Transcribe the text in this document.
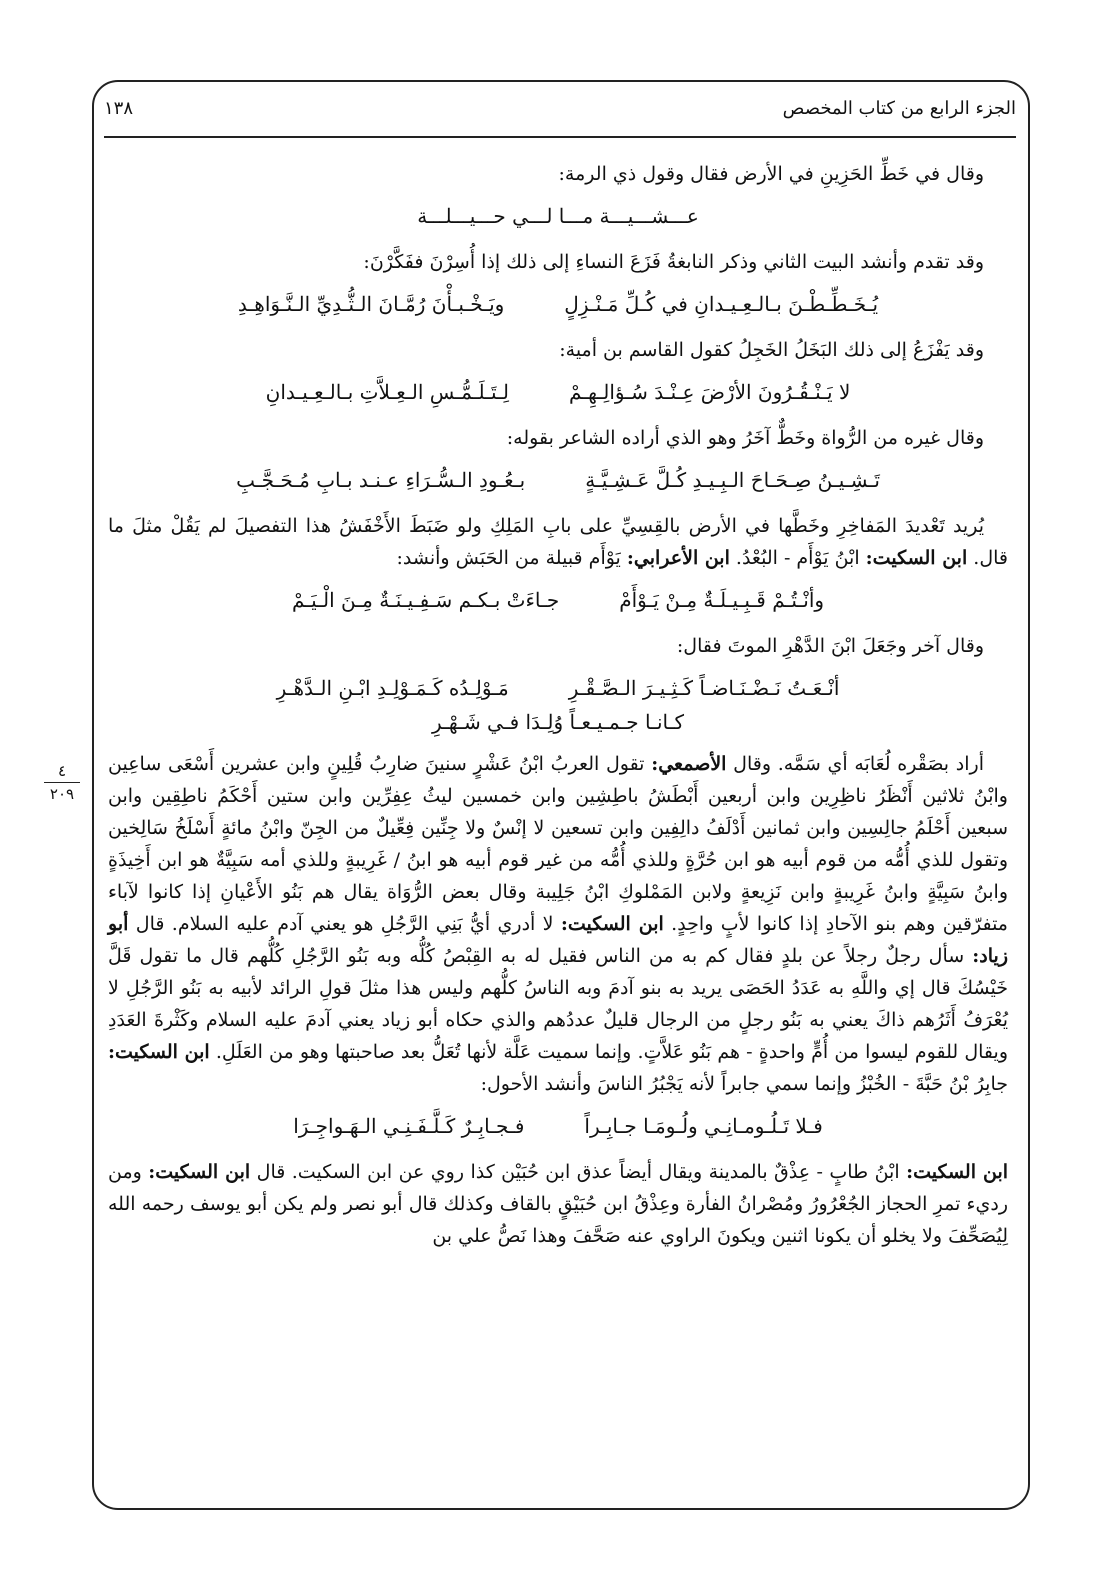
الجزء الرابع من كتاب المخصص
١٣٨
٤
٢٠٩

وقال في خَطِّ الحَزِينِ في الأرض فقال وقول ذي الرمة:

عـــشـــيـــة مـــا لـــي حـــيـــلـــة

وقد تقدم وأنشد البيت الثاني وذكر النابغةُ فَزَعَ النساءِ إلى ذلك إذا أُسِرْنَ ففَكَّرْنَ:

يُـخَـطِّـطْـنَ بـالـعِـيـدانِ في كُـلِّ مَـنْـزِلٍ
ويَـخْـبـأْنَ رُمَّـانَ الـثُّـدِيِّ الـنَّـوَاهِـدِ

وقد يَفْزَعُ إلى ذلك البَخَلُ الخَجِلُ كقول القاسم بن أمية:

لا يَـنْـقُـرُونَ الأرْضَ عِـنْـدَ سُـؤالِـهِـمْ
لِـتَـلَـمُّـسِ الـعِـلاَّتِ بـالـعِـيـدانِ

وقال غيره من الرُّواة وخَطٌّ آخَرُ وهو الذي أراده الشاعر بقوله:

تَـشِـيـنُ صِـحَـاحَ الـبِـيـدِ كُـلَّ عَـشِـيَّـةٍ
بـعُـودِ الـسُّـرَاءِ عـنـد بـابِ مُـحَـجَّـبِ

يُريد تَعْديدَ المَفاخِرِ وخَطَّها في الأرض بالقِسِيِّ على بابِ المَلِكِ ولو ضَبَطَ الأَخْفَشُ هذا التفصيلَ لم يَقُلْ مثلَ ما قال. ابن السكيت: ابْنُ يَوْأَم - البُعْدُ. ابن الأعرابي: يَوْأَم قبيلة من الحَبَش وأنشد:

وأنْـتُـمْ قَـبِـيـلَـةٌ مِـنْ يَـوْأَمْ
جـاءَتْ بـكـم سَـفِـيـنَـةٌ مِـنَ الْـيَـمْ

وقال آخر وجَعَلَ ابْنَ الدَّهْرِ الموتَ فقال:

أنْـعَـتُ نَـضْـنَـاضـاً كَـثِـيـرَ الـصَّـقْـرِ
مَـوْلِـدُه كَـمَـوْلِـدِ ابْـنِ الـدَّهْـرِ
كـانـا جـمـيـعـاً وُلِـدَا فـي شَـهْـرِ

أراد بصَقْره لُعَابَه أي سَمَّه. وقال الأصمعي: تقول العربُ ابْنُ عَشْرٍ سنينَ ضارِبُ قُلِينٍ وابن عشرين أَسْعَى ساعِين وابْنُ ثلاثين أَنْظَرُ ناظِرِين وابن أربعين أَبْطَشُ باطِشِين وابن خمسين ليثُ عِفِرِّين وابن ستين أَحْكَمُ ناطِقِين وابن سبعين أَحْلَمُ جالِسِين وابن ثمانين أَدْلَفُ دالِفِين وابن تسعين لا إنْسٌ ولا جِنِّين فِعِّيلٌ من الجِنّ وابْنُ مائةٍ أَسْلَخُ سَالِخين وتقول للذي أُمُّه من قوم أبيه هو ابن حُرَّةٍ وللذي أُمُّه من غير قوم أبيه هو ابنُ / غَرِيبةٍ وللذي أمه سَبِيَّةٌ هو ابن أَخِيذَةٍ وابنُ سَبِيَّةٍ وابنُ غَرِيبةٍ وابن نَزِيعةٍ ولابن المَمْلوكِ ابْنُ جَلِيبة وقال بعض الرُّوَاة يقال هم بَنُو الأَعْيانِ إذا كانوا لآباء متفرّقين وهم بنو الآحادِ إذا كانوا لأبٍ واحِدٍ. ابن السكيت: لا أدري أيُّ بَنِي الرَّجُلِ هو يعني آدم عليه السلام. قال أبو زياد: سأل رجلٌ رجلاً عن بلدٍ فقال كم به من الناس فقيل له به القِبْصُ كُلُّه وبه بَنُو الرَّجُلِ كُلُّهم قال ما تقول قَلَّ خَيْسُكَ قال إي واللَّهِ به عَدَدُ الحَصَى يريد به بنو آدمَ وبه الناسُ كلُّهم وليس هذا مثلَ قولِ الرائد لأبيه به بَنُو الرَّجُلِ لا يُعْرَفُ أَثَرُهم ذاكَ يعني به بَنُو رجلٍ من الرجال قليلٌ عددُهم والذي حكاه أبو زياد يعني آدمَ عليه السلام وكَثْرةَ العَدَدِ ويقال للقوم ليسوا من أُمٍّ واحدةٍ - هم بَنُو عَلاَّتٍ. وإنما سميت عَلَّة لأنها تُعَلُّ بعد صاحبتها وهو من العَلَلِ. ابن السكيت: جابِرُ بْنُ حَبَّةَ - الخُبْزُ وإنما سمي جابراً لأنه يَجْبُرُ الناسَ وأنشد الأحول:

فـلا تَـلُـومـانِـي ولُـومَـا جـابِـراً
فـجـابِـرٌ كَـلَّـفَـنِـي الـهَـواجِـرَا

ابن السكيت: ابْنُ طابٍ - عِذْقٌ بالمدينة ويقال أيضاً عذق ابن حُبَيْن كذا روي عن ابن السكيت. قال ابن السكيت: ومن رديء تمرِ الحجاز الجُعْرُورُ ومُصْرانُ الفأرة وعِذْقُ ابن حُبَيْقٍ بالقاف وكذلك قال أبو نصر ولم يكن أبو يوسف رحمه الله لِيُصَحِّفَ ولا يخلو أن يكونا اثنين ويكونَ الراوي عنه صَحَّفَ وهذا نَصُّ علي بن
